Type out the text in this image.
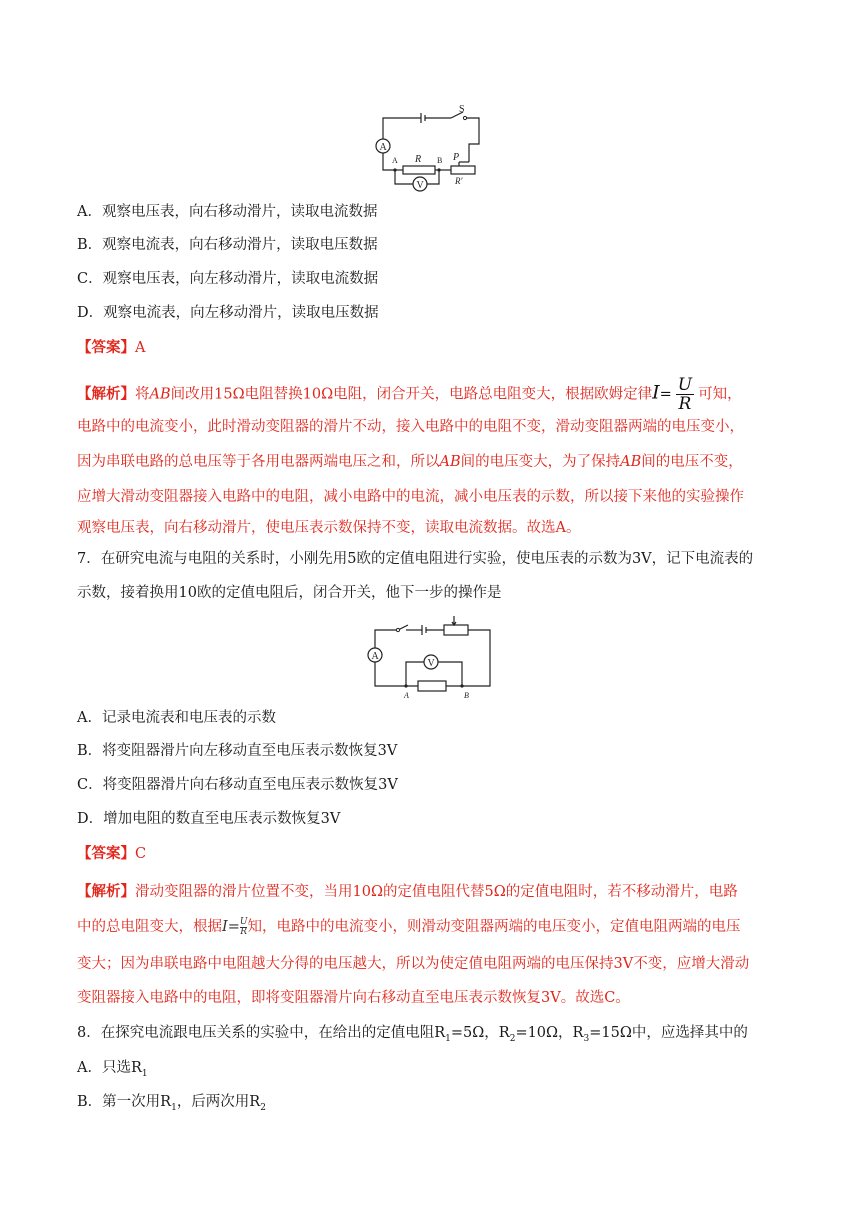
A
V
S
A	B
R	P
R'
A．观察电压表，向右移动滑片，读取电流数据
B．观察电流表，向右移动滑片，读取电压数据
C．观察电压表，向左移动滑片，读取电流数据
D．观察电流表，向左移动滑片，读取电压数据
【答案】A
【解析】将AB间改用15Ω电阻替换10Ω电阻，闭合开关，电路总电阻变大，根据欧姆定律$I= \frac{U}{R}$ 可知，
电路中的电流变小，此时滑动变阻器的滑片不动，接入电路中的电阻不变，滑动变阻器两端的电压变小，
因为串联电路的总电压等于各用电器两端电压之和，所以AB间的电压变大，为了保持AB间的电压不变，
应增大滑动变阻器接入电路中的电阻，减小电路中的电流，减小电压表的示数，所以接下来他的实验操作
观察电压表，向右移动滑片，使电压表示数保持不变，读取电流数据。故选A。
7．在研究电流与电阻的关系时，小刚先用5欧的定值电阻进行实验，使电压表的示数为3V，记下电流表的
示数，接着换用10欧的定值电阻后，闭合开关，他下一步的操作是
A
V
A	B
A．记录电流表和电压表的示数
B．将变阻器滑片向左移动直至电压表示数恢复3V
C．将变阻器滑片向右移动直至电压表示数恢复3V
D．增加电阻的数直至电压表示数恢复3V
【答案】C
【解析】滑动变阻器的滑片位置不变，当用10Ω的定值电阻代替5Ω的定值电阻时，若不移动滑片，电路
中的总电阻变大，根据$I= \frac{U}{R}$ 知，电路中的电流变小，则滑动变阻器两端的电压变小，定值电阻两端的电压
变大；因为串联电路中电阻越大分得的电压越大，所以为使定值电阻两端的电压保持3V不变，应增大滑动
变阻器接入电路中的电阻，即将变阻器滑片向右移动直至电压表示数恢复3V。故选C。
8．在探究电流跟电压关系的实验中，在给出的定值电阻$R_1=5\Omega$，$R_2=10\Omega$，$R_3=15\Omega$中，应选择其中的
A．只选$R_1$
B．第一次用$R_1$，后两次用$R_2$
